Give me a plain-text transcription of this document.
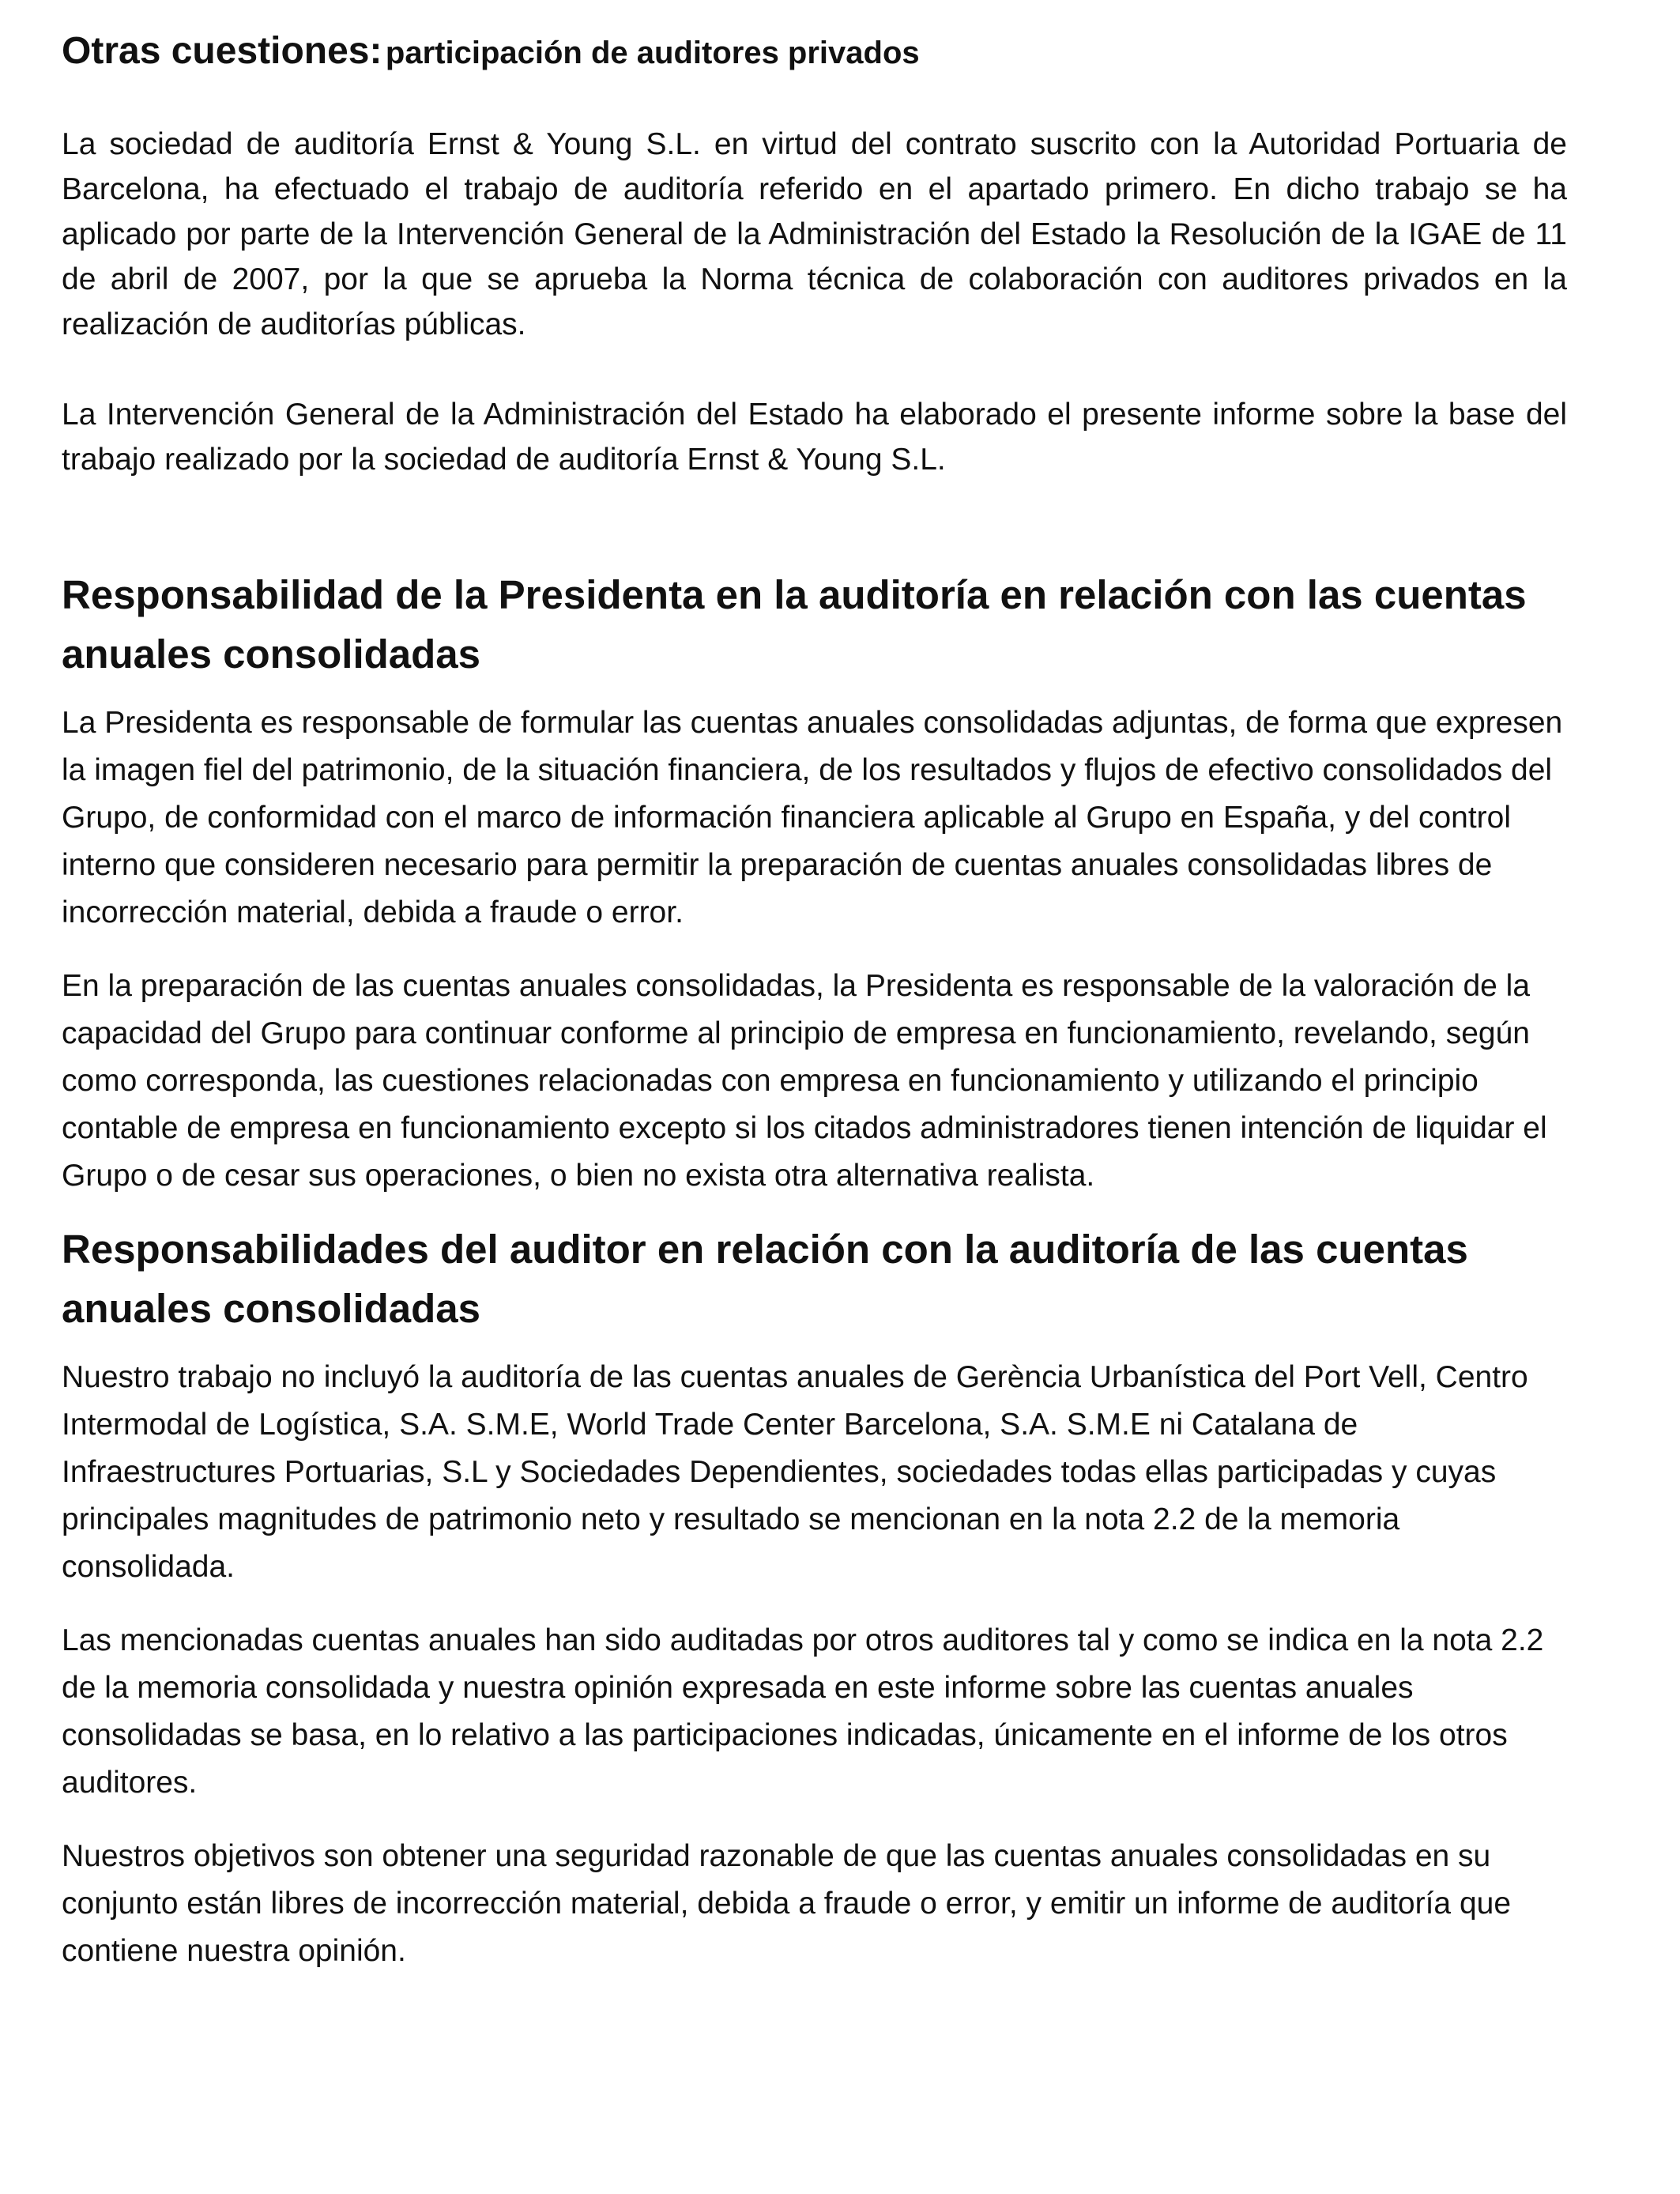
Otras cuestiones: participación de auditores privados

La sociedad de auditoría Ernst & Young S.L. en virtud del contrato suscrito con la Autoridad Portuaria de Barcelona, ha efectuado el trabajo de auditoría referido en el apartado primero. En dicho trabajo se ha aplicado por parte de la Intervención General de la Administración del Estado la Resolución de la IGAE de 11 de abril de 2007, por la que se aprueba la Norma técnica de colaboración con auditores privados en la realización de auditorías públicas.

La Intervención General de la Administración del Estado ha elaborado el presente informe sobre la base del trabajo realizado por la sociedad de auditoría Ernst & Young S.L.

Responsabilidad de la Presidenta en la auditoría en relación con las cuentas anuales consolidadas

La Presidenta es responsable de formular las cuentas anuales consolidadas adjuntas, de forma que expresen la imagen fiel del patrimonio, de la situación financiera, de los resultados y flujos de efectivo consolidados del Grupo, de conformidad con el marco de información financiera aplicable al Grupo en España, y del control interno que consideren necesario para permitir la preparación de cuentas anuales consolidadas libres de incorrección material, debida a fraude o error.

En la preparación de las cuentas anuales consolidadas, la Presidenta es responsable de la valoración de la capacidad del Grupo para continuar conforme al principio de empresa en funcionamiento, revelando, según como corresponda, las cuestiones relacionadas con empresa en funcionamiento y utilizando el principio contable de empresa en funcionamiento excepto si los citados administradores tienen intención de liquidar el Grupo o de cesar sus operaciones, o bien no exista otra alternativa realista.

Responsabilidades del auditor en relación con la auditoría de las cuentas anuales consolidadas

Nuestro trabajo no incluyó la auditoría de las cuentas anuales de Gerència Urbanística del Port Vell, Centro Intermodal de Logística, S.A. S.M.E, World Trade Center Barcelona, S.A. S.M.E ni Catalana de Infraestructures Portuarias, S.L y Sociedades Dependientes, sociedades todas ellas participadas y cuyas principales magnitudes de patrimonio neto y resultado se mencionan en la nota 2.2 de la memoria consolidada.

Las mencionadas cuentas anuales han sido auditadas por otros auditores tal y como se indica en la nota 2.2 de la memoria consolidada y nuestra opinión expresada en este informe sobre las cuentas anuales consolidadas se basa, en lo relativo a las participaciones indicadas, únicamente en el informe de los otros auditores.

Nuestros objetivos son obtener una seguridad razonable de que las cuentas anuales consolidadas en su conjunto están libres de incorrección material, debida a fraude o error, y emitir un informe de auditoría que contiene nuestra opinión.
